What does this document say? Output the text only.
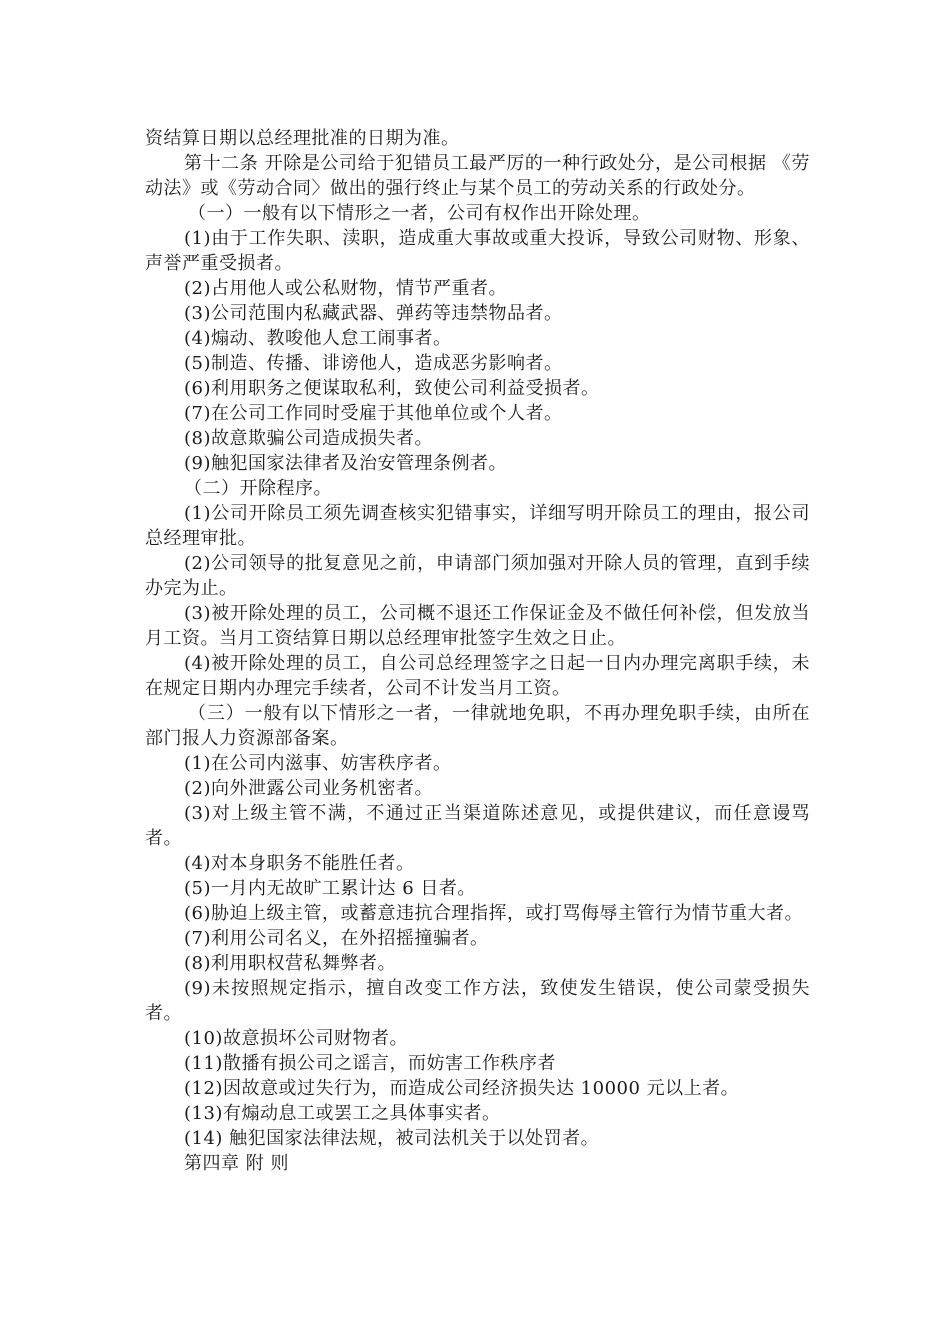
资结算日期以总经理批准的日期为准。

第十二条 开除是公司给于犯错员工最严厉的一种行政处分，是公司根据 《劳动法》或《劳动合同〉做出的强行终止与某个员工的劳动关系的行政处分。

（一）一般有以下情形之一者，公司有权作出开除处理。

(1)由于工作失职、渎职，造成重大事故或重大投诉，导致公司财物、形象、声誉严重受损者。

(2)占用他人或公私财物，情节严重者。

(3)公司范围内私藏武器、弹药等违禁物品者。

(4)煽动、教唆他人怠工闹事者。

(5)制造、传播、诽谤他人，造成恶劣影响者。

(6)利用职务之便谋取私利，致使公司利益受损者。

(7)在公司工作同时受雇于其他单位或个人者。

(8)故意欺骗公司造成损失者。

(9)触犯国家法律者及治安管理条例者。

（二）开除程序。

(1)公司开除员工须先调查核实犯错事实，详细写明开除员工的理由，报公司总经理审批。

(2)公司领导的批复意见之前，申请部门须加强对开除人员的管理，直到手续办完为止。

(3)被开除处理的员工，公司概不退还工作保证金及不做任何补偿，但发放当月工资。当月工资结算日期以总经理审批签字生效之日止。

(4)被开除处理的员工，自公司总经理签字之日起一日内办理完离职手续，未在规定日期内办理完手续者，公司不计发当月工资。

（三）一般有以下情形之一者，一律就地免职，不再办理免职手续，由所在部门报人力资源部备案。

(1)在公司内滋事、妨害秩序者。

(2)向外泄露公司业务机密者。

(3)对上级主管不满，不通过正当渠道陈述意见，或提供建议，而任意谩骂者。

(4)对本身职务不能胜任者。

(5)一月内无故旷工累计达 6 日者。

(6)胁迫上级主管，或蓄意违抗合理指挥，或打骂侮辱主管行为情节重大者。

(7)利用公司名义，在外招摇撞骗者。

(8)利用职权营私舞弊者。

(9)未按照规定指示，擅自改变工作方法，致使发生错误，使公司蒙受损失者。

(10)故意损坏公司财物者。

(11)散播有损公司之谣言，而妨害工作秩序者

(12)因故意或过失行为，而造成公司经济损失达 10000 元以上者。

(13)有煽动息工或罢工之具体事实者。

(14) 触犯国家法律法规，被司法机关于以处罚者。

第四章 附 则
